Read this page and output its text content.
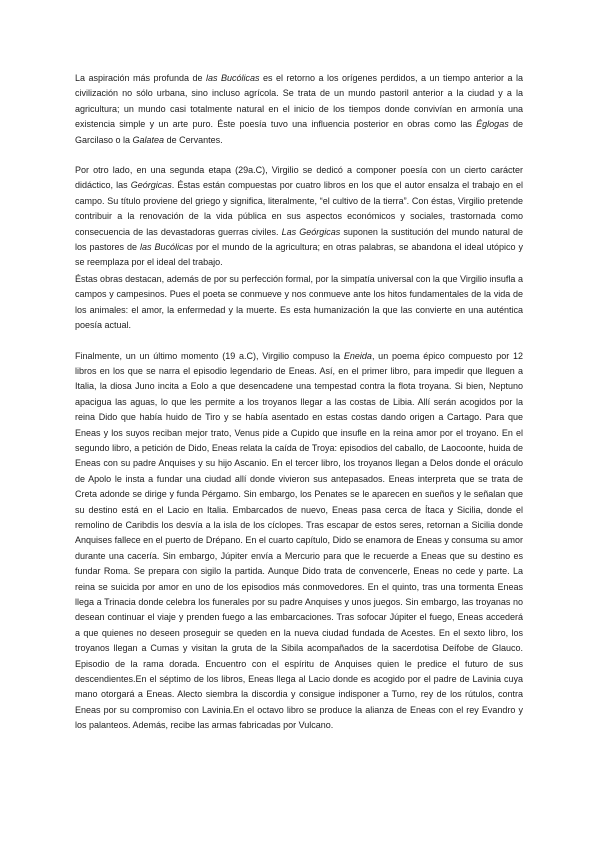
La aspiración más profunda de las Bucólicas es el retorno a los orígenes perdidos, a un tiempo anterior a la civilización no sólo urbana, sino incluso agrícola. Se trata de un mundo pastoril anterior a la ciudad y a la agricultura; un mundo casi totalmente natural en el inicio de los tiempos donde convivían en armonía una existencia simple y un arte puro. Éste poesía tuvo una influencia posterior en obras como las Églogas de Garcilaso o la Galatea de Cervantes.

Por otro lado, en una segunda etapa (29a.C), Virgilio se dedicó a componer poesía con un cierto carácter didáctico, las Geórgicas. Éstas están compuestas por cuatro libros en los que el autor ensalza el trabajo en el campo. Su título proviene del griego y significa, literalmente, “el cultivo de la tierra”. Con éstas, Virgilio pretende contribuir a la renovación de la vida pública en sus aspectos económicos y sociales, trastornada como consecuencia de las devastadoras guerras civiles. Las Geórgicas suponen la sustitución del mundo natural de los pastores de las Bucólicas por el mundo de la agricultura; en otras palabras, se abandona el ideal utópico y se reemplaza por el ideal del trabajo.

Éstas obras destacan, además de por su perfección formal, por la simpatía universal con la que Virgilio insufla a campos y campesinos. Pues el poeta se conmueve y nos conmueve ante los hitos fundamentales de la vida de los animales: el amor, la enfermedad y la muerte. Es esta humanización la que las convierte en una auténtica poesía actual.

Finalmente, un un último momento (19 a.C), Virgilio compuso la Eneida, un poema épico compuesto por 12 libros en los que se narra el episodio legendario de Eneas. Así, en el primer libro, para impedir que lleguen a Italia, la diosa Juno incita a Eolo a que desencadene una tempestad contra la flota troyana. Si bien, Neptuno apacigua las aguas, lo que les permite a los troyanos llegar a las costas de Libia. Allí serán acogidos por la reina Dido que había huido de Tiro y se había asentado en estas costas dando origen a Cartago. Para que Eneas y los suyos reciban mejor trato, Venus pide a Cupido que insufle en la reina amor por el troyano. En el segundo libro, a petición de Dido, Eneas relata la caída de Troya: episodios del caballo, de Laocoonte, huida de Eneas con su padre Anquises y su hijo Ascanio. En el tercer libro, los troyanos llegan a Delos donde el oráculo de Apolo le insta a fundar una ciudad allí donde vivieron sus antepasados. Eneas interpreta que se trata de Creta adonde se dirige y funda Pérgamo. Sin embargo, los Penates se le aparecen en sueños y le señalan que su destino está en el Lacio en Italia. Embarcados de nuevo, Eneas pasa cerca de Ítaca y Sicilia, donde el remolino de Caribdis los desvía a la isla de los cíclopes. Tras escapar de estos seres, retornan a Sicilia donde Anquises fallece en el puerto de Drépano. En el cuarto capítulo, Dido se enamora de Eneas y consuma su amor durante una cacería. Sin embargo, Júpiter envía a Mercurio para que le recuerde a Eneas que su destino es fundar Roma. Se prepara con sigilo la partida. Aunque Dido trata de convencerle, Eneas no cede y parte. La reina se suicida por amor en uno de los episodios más conmovedores. En el quinto, tras una tormenta Eneas llega a Trinacia donde celebra los funerales por su padre Anquises y unos juegos. Sin embargo, las troyanas no desean continuar el viaje y prenden fuego a las embarcaciones. Tras sofocar Júpiter el fuego, Eneas accederá a que quienes no deseen proseguir se queden en la nueva ciudad fundada de Acestes. En el sexto libro, los troyanos llegan a Cumas y visitan la gruta de la Sibila acompañados de la sacerdotisa Deífobe de Glauco. Episodio de la rama dorada. Encuentro con el espíritu de Anquises quien le predice el futuro de sus descendientes.En el séptimo de los libros, Eneas llega al Lacio donde es acogido por el padre de Lavinia cuya mano otorgará a Eneas. Alecto siembra la discordia y consigue indisponer a Turno, rey de los rútulos, contra Eneas por su compromiso con Lavinia.En el octavo libro se produce la alianza de Eneas con el rey Evandro y los palanteos. Además, recibe las armas fabricadas por Vulcano.
